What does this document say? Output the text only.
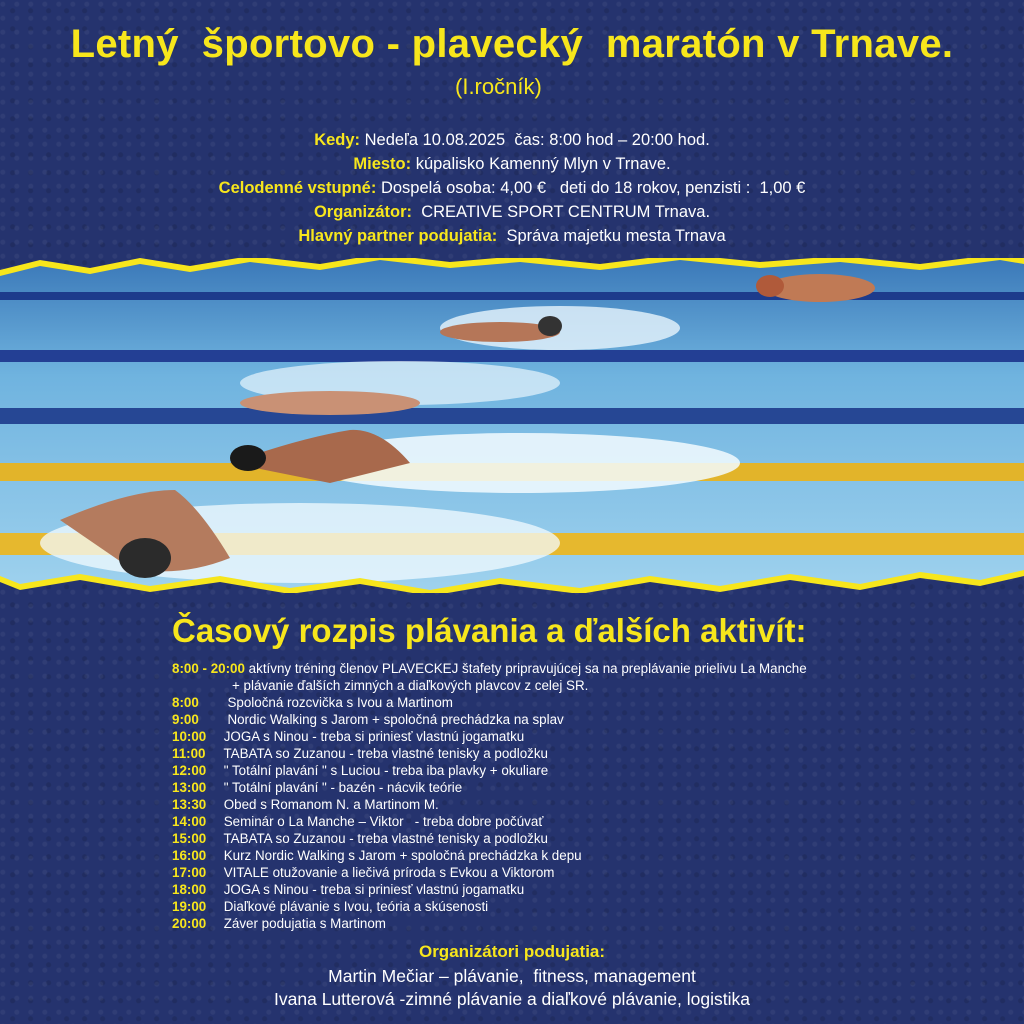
Letný  športovo - plavecký  maratón v Trnave.
(I.ročník)
Kedy: Nedeľa 10.08.2025  čas: 8:00 hod – 20:00 hod.
Miesto: kúpalisko Kamenný Mlyn v Trnave.
Celodenné vstupné: Dospelá osoba: 4,00 €   deti do 18 rokov, penzisti :  1,00 €
Organizátor:  CREATIVE SPORT CENTRUM Trnava.
Hlavný partner podujatia:  Správa majetku mesta Trnava
Časový rozpis plávania a ďalších aktivít:
8:00 - 20:00 aktívny tréning členov PLAVECKEJ štafety pripravujúcej sa na preplávanie prielivu La Manche
+ plávanie ďalších zimných a diaľkových plavcov z celej SR.
8:00  Spoločná rozcvička s Ivou a Martinom
9:00  Nordic Walking s Jarom + spoločná prechádzka na splav
10:00 JOGA s Ninou - treba si priniesť vlastnú jogamatku
11:00 TABATA so Zuzanou - treba vlastné tenisky a podložku
12:00 " Totální plavání " s Luciou - treba iba plavky + okuliare
13:00 " Totální plavání " - bazén - nácvik teórie
13:30 Obed s Romanom N. a Martinom M.
14:00 Seminár o La Manche – Viktor   - treba dobre počúvať
15:00 TABATA so Zuzanou - treba vlastné tenisky a podložku
16:00 Kurz Nordic Walking s Jarom + spoločná prechádzka k depu
17:00 VITALE otužovanie a liečivá príroda s Evkou a Viktorom
18:00 JOGA s Ninou - treba si priniesť vlastnú jogamatku
19:00 Diaľkové plávanie s Ivou, teória a skúsenosti
20:00 Záver podujatia s Martinom
Organizátori podujatia:
Martin Mečiar – plávanie,  fitness, management
Ivana Lutterová -zimné plávanie a diaľkové plávanie, logistika
